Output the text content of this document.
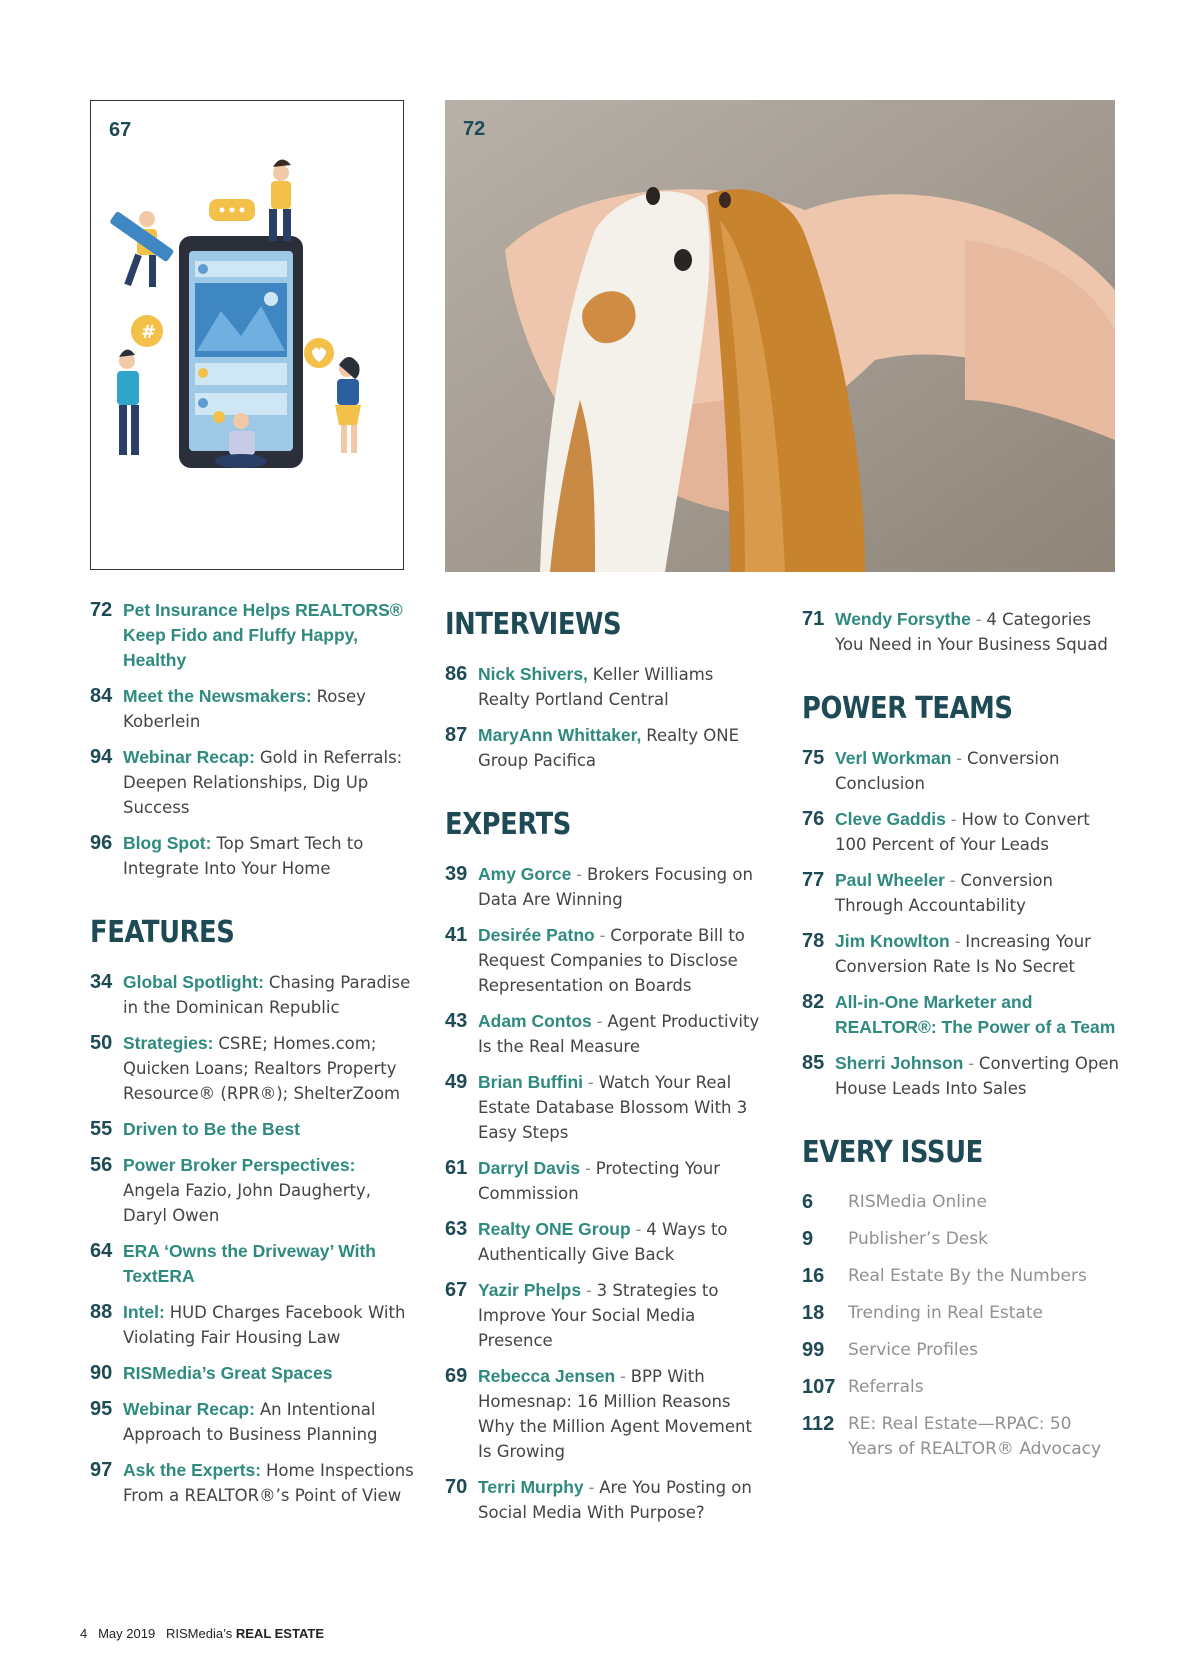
67
#
72
72 Pet Insurance Helps REALTORS® Keep Fido and Fluffy Happy, Healthy
84 Meet the Newsmakers: Rosey Koberlein
94 Webinar Recap: Gold in Referrals: Deepen Relationships, Dig Up Success
96 Blog Spot: Top Smart Tech to Integrate Into Your Home
FEATURES
34 Global Spotlight: Chasing Paradise in the Dominican Republic
50 Strategies: CSRE; Homes.com; Quicken Loans; Realtors Property Resource® (RPR®); ShelterZoom
55 Driven to Be the Best
56 Power Broker Perspectives: Angela Fazio, John Daugherty, Daryl Owen
64 ERA ‘Owns the Driveway’ With TextERA
88 Intel: HUD Charges Facebook With Violating Fair Housing Law
90 RISMedia’s Great Spaces
95 Webinar Recap: An Intentional Approach to Business Planning
97 Ask the Experts: Home Inspections From a REALTOR®’s Point of View
INTERVIEWS
86 Nick Shivers, Keller Williams Realty Portland Central
87 MaryAnn Whittaker, Realty ONE Group Pacifica
EXPERTS
39 Amy Gorce - Brokers Focusing on Data Are Winning
41 Desirée Patno - Corporate Bill to Request Companies to Disclose Representation on Boards
43 Adam Contos - Agent Productivity Is the Real Measure
49 Brian Buffini - Watch Your Real Estate Database Blossom With 3 Easy Steps
61 Darryl Davis - Protecting Your Commission
63 Realty ONE Group - 4 Ways to Authentically Give Back
67 Yazir Phelps - 3 Strategies to Improve Your Social Media Presence
69 Rebecca Jensen - BPP With Homesnap: 16 Million Reasons Why the Million Agent Movement Is Growing
70 Terri Murphy - Are You Posting on Social Media With Purpose?
71 Wendy Forsythe - 4 Categories You Need in Your Business Squad
POWER TEAMS
75 Verl Workman - Conversion Conclusion
76 Cleve Gaddis - How to Convert 100 Percent of Your Leads
77 Paul Wheeler - Conversion Through Accountability
78 Jim Knowlton - Increasing Your Conversion Rate Is No Secret
82 All-in-One Marketer and REALTOR®: The Power of a Team
85 Sherri Johnson - Converting Open House Leads Into Sales
EVERY ISSUE
6	RISMedia Online
9	Publisher’s Desk
16	Real Estate By the Numbers
18	Trending in Real Estate
99	Service Profiles
107 Referrals
112 RE: Real Estate—RPAC: 50 Years of REALTOR® Advocacy
4 May 2019 RISMedia’s REAL ESTATE
